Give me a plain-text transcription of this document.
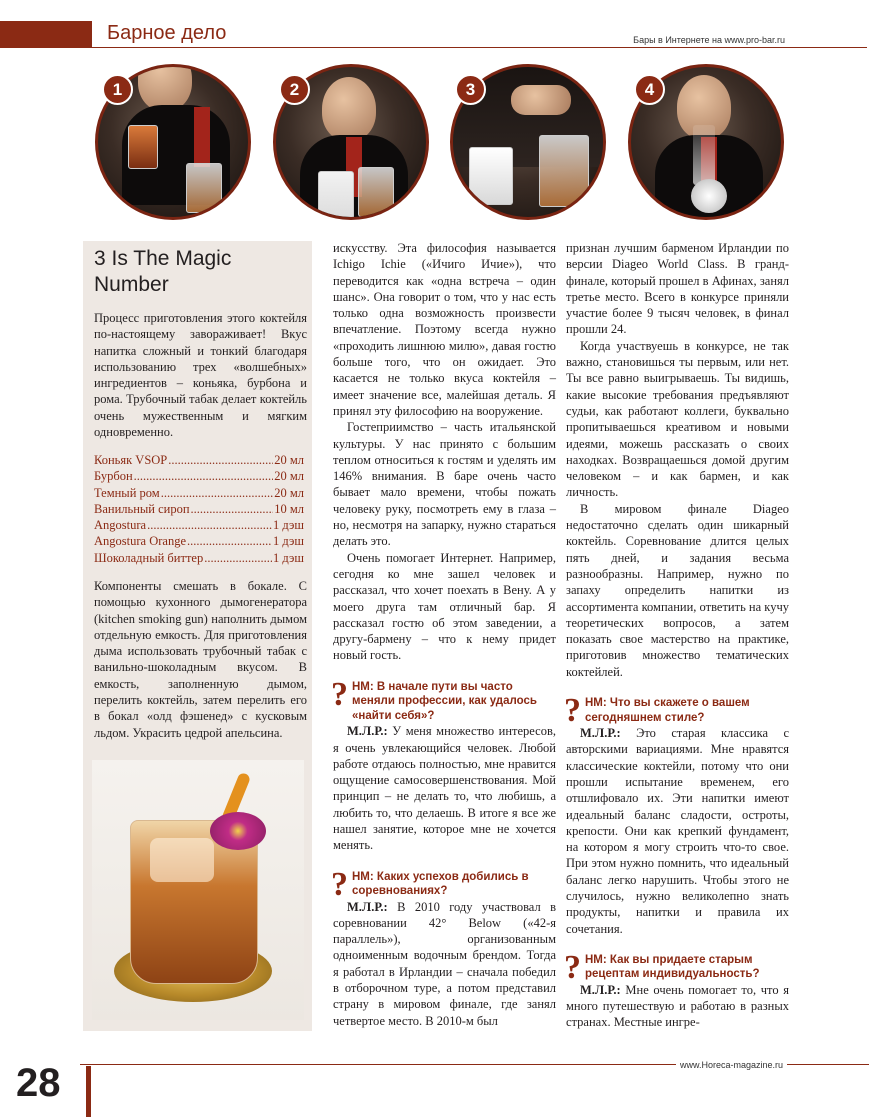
Барное дело	Бары в Интернете на www.pro-bar.ru
1	2	3	4
3 Is The Magic Number
Процесс приготовления этого коктейля по-настоящему завораживает! Вкус напитка сложный и тонкий благодаря использованию трех «волшебных» ингредиентов – коньяка, бурбона и рома. Трубочный табак делает коктейль очень мужественным и мягким одновременно.
Коньяк VSOP .....	20 мл
Бурбон .....	20 мл
Темный ром .....	20 мл
Ванильный сироп .....	10 мл
Angostura .....	1 дэш
Angostura Orange .....	1 дэш
Шоколадный биттер .....	1 дэш
Компоненты смешать в бокале. С помощью кухонного дымогенератора (kitchen smoking gun) наполнить дымом отдельную емкость. Для приготовления дыма использовать трубочный табак с ванильно-шоколадным вкусом. В емкость, заполненную дымом, перелить коктейль, затем перелить его в бокал «олд фэшенед» с кусковым льдом. Украсить цедрой апельсина.

искусству. Эта философия называется Ichigo Ichie («Ичиго Ичие»), что переводится как «одна встреча – один шанс». Она говорит о том, что у нас есть только одна возможность произвести впечатление. Поэтому всегда нужно «проходить лишнюю милю», давая гостю больше того, что он ожидает. Это касается не только вкуса коктейля – имеет значение все, малейшая деталь. Я принял эту философию на вооружение.

Гостеприимство – часть итальянской культуры. У нас принято с большим теплом относиться к гостям и уделять им 146% внимания. В баре очень часто бывает мало времени, чтобы пожать человеку руку, посмотреть ему в глаза – но, несмотря на запарку, нужно стараться делать это.

Очень помогает Интернет. Например, сегодня ко мне зашел человек и рассказал, что хочет поехать в Вену. А у моего друга там отличный бар. Я рассказал гостю об этом заведении, а другу-бармену – что к нему придет новый гость.

? НМ: В начале пути вы часто меняли профессии, как удалось «найти себя»?

М.Л.Р.: У меня множество интересов, я очень увлекающийся человек. Любой работе отдаюсь полностью, мне нравится ощущение самосовершенствования. Мой принцип – не делать то, что любишь, а любить то, что делаешь. В итоге я все же нашел занятие, которое мне не хочется менять.

? НМ: Каких успехов добились в соревнованиях?

М.Л.Р.: В 2010 году участвовал в соревновании 42° Below («42-я параллель»), организованным одноименным водочным брендом. Тогда я работал в Ирландии – сначала победил в отборочном туре, а потом представил страну в мировом финале, где занял четвертое место. В 2010-м был

признан лучшим барменом Ирландии по версии Diageo World Class. В гранд-финале, который прошел в Афинах, занял третье место. Всего в конкурсе приняли участие более 9 тысяч человек, в финал прошли 24.

Когда участвуешь в конкурсе, не так важно, становишься ты первым, или нет. Ты все равно выигрываешь. Ты видишь, какие высокие требования предъявляют судьи, как работают коллеги, буквально пропитываешься креативом и новыми идеями, можешь рассказать о своих находках. Возвращаешься домой другим человеком – и как бармен, и как личность.

В мировом финале Diageo недостаточно сделать один шикарный коктейль. Соревнование длится целых пять дней, и задания весьма разнообразны. Например, нужно по запаху определить напитки из ассортимента компании, ответить на кучу теоретических вопросов, а затем показать свое мастерство на практике, приготовив множество тематических коктейлей.

? НМ: Что вы скажете о вашем сегодняшнем стиле?

М.Л.Р.: Это старая классика с авторскими вариациями. Мне нравятся классические коктейли, потому что они прошли испытание временем, его отшлифовало их. Эти напитки имеют идеальный баланс сладости, остроты, крепости. Они как крепкий фундамент, на котором я могу строить что-то свое. При этом нужно помнить, что идеальный баланс легко нарушить. Чтобы этого не случилось, нужно великолепно знать продукты, напитки и правила их сочетания.

? НМ: Как вы придаете старым рецептам индивидуальность?

М.Л.Р.: Мне очень помогает то, что я много путешествую и работаю в разных странах. Местные ингре-

www.Horeca-magazine.ru
28
